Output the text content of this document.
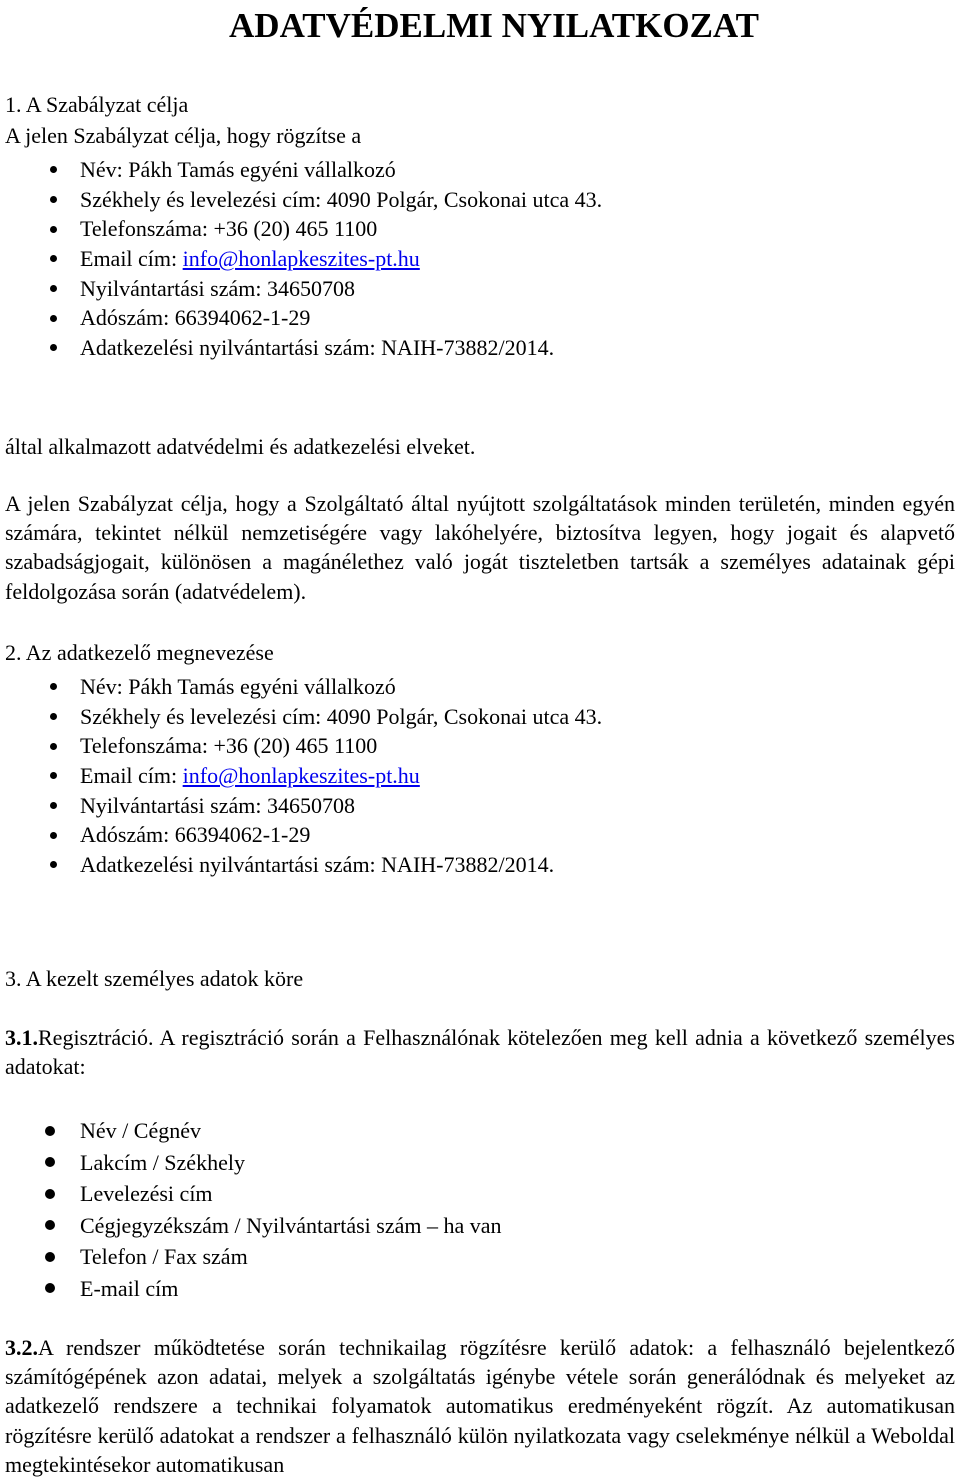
ADATVÉDELMI NYILATKOZAT

1. A Szabályzat célja

A jelen Szabályzat célja, hogy rögzítse a

Név: Pákh Tamás egyéni vállalkozó
Székhely és levelezési cím: 4090 Polgár, Csokonai utca 43.
Telefonszáma: +36 (20) 465 1100
Email cím: info@honlapkeszites-pt.hu
Nyilvántartási szám: 34650708
Adószám: 66394062-1-29
Adatkezelési nyilvántartási szám: NAIH-73882/2014.

által alkalmazott adatvédelmi és adatkezelési elveket.

A jelen Szabályzat célja, hogy a Szolgáltató által nyújtott szolgáltatások minden területén, minden egyén számára, tekintet nélkül nemzetiségére vagy lakóhelyére, biztosítva legyen, hogy jogait és alapvető szabadságjogait, különösen a magánélethez való jogát tiszteletben tartsák a személyes adatainak gépi feldolgozása során (adatvédelem).

2. Az adatkezelő megnevezése

Név: Pákh Tamás egyéni vállalkozó
Székhely és levelezési cím: 4090 Polgár, Csokonai utca 43.
Telefonszáma: +36 (20) 465 1100
Email cím: info@honlapkeszites-pt.hu
Nyilvántartási szám: 34650708
Adószám: 66394062-1-29
Adatkezelési nyilvántartási szám: NAIH-73882/2014.

3. A kezelt személyes adatok köre

3.1.Regisztráció. A regisztráció során a Felhasználónak kötelezően meg kell adnia a következő személyes adatokat:

Név / Cégnév
Lakcím / Székhely
Levelezési cím
Cégjegyzékszám / Nyilvántartási szám – ha van
Telefon / Fax szám
E-mail cím

3.2.A rendszer működtetése során technikailag rögzítésre kerülő adatok: a felhasználó bejelentkező számítógépének azon adatai, melyek a szolgáltatás igénybe vétele során generálódnak és melyeket az adatkezelő rendszere a technikai folyamatok automatikus eredményeként rögzít. Az automatikusan rögzítésre kerülő adatokat a rendszer a felhasználó külön nyilatkozata vagy cselekménye nélkül a Weboldal megtekintésekor automatikusan
